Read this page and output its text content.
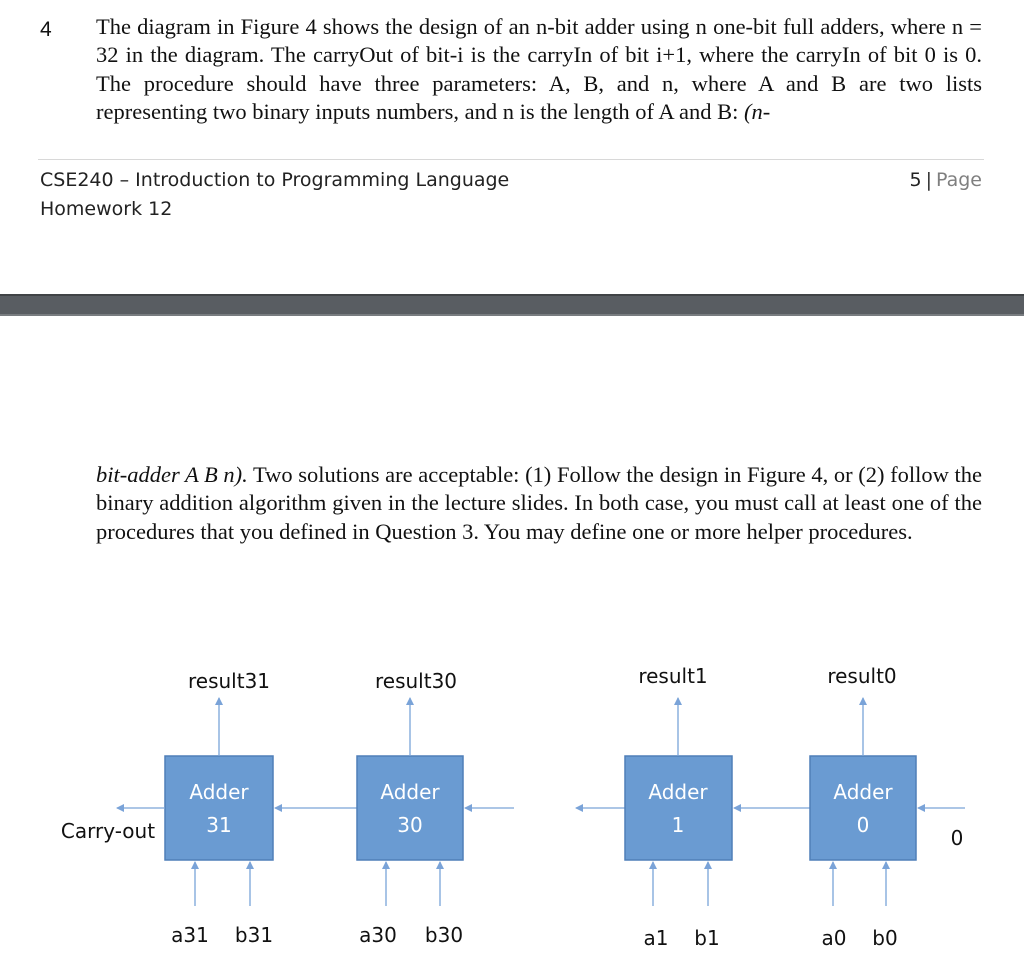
4 The diagram in Figure 4 shows the design of an n-bit adder using n one-bit full adders, where n = 32 in the diagram. The carryOut of bit-i is the carryIn of bit i+1, where the carryIn of bit 0 is 0. The procedure should have three parameters: A, B, and n, where A and B are two lists representing two binary inputs numbers, and n is the length of A and B: (n-
CSE240 – Introduction to Programming Language
Homework 12
5 | Page
bit-adder A B n). Two solutions are acceptable: (1) Follow the design in Figure 4, or (2) follow the binary addition algorithm given in the lecture slides. In both case, you must call at least one of the procedures that you defined in Question 3. You may define one or more helper procedures.
Adder
31
result31
a31 b31
Carry-out
Adder
30
result30
a30 b30
Adder
1
result1
a1 b1
Adder
0
result0
a0 b0
0
